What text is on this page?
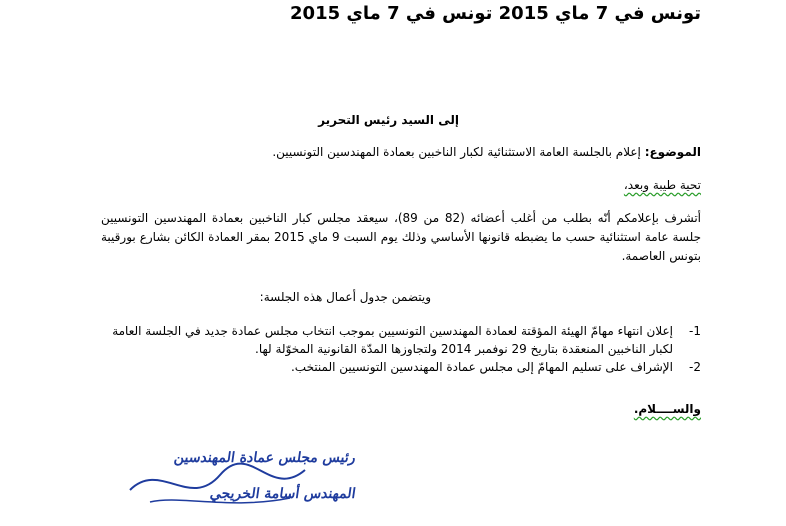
تونس في 7 ماي 2015 تونس في 7 ماي 2015
إلى السيد رئيس التحرير
الموضوع: إعلام بالجلسة العامة الاستثنائية لكبار الناخبين بعمادة المهندسين التونسيين.
تحية طيبة وبعد،
أتشرف بإعلامكم أنّه بطلب من أغلب أعضائه (82 من 89)، سيعقد مجلس كبار الناخبين بعمادة المهندسين التونسيين جلسة عامة استثنائية حسب ما يضبطه قانونها الأساسي وذلك يوم السبت 9 ماي 2015 بمقر العمادة الكائن بشارع بورقيبة بتونس العاصمة.
ويتضمن جدول أعمال هذه الجلسة:
-1
إعلان انتهاء مهامّ الهيئة المؤقتة لعمادة المهندسين التونسيين بموجب انتخاب مجلس عمادة جديد في الجلسة العامة لكبار الناخبين المنعقدة بتاريخ 29 نوفمبر 2014 ولتجاوزها المدّة القانونية المخوّلة لها.
-2
الإشراف على تسليم المهامّ إلى مجلس عمادة المهندسين التونسيين المنتخب.
والســــلام.
رئيس مجلس عمادة المهندسين
المهندس أسامة الخريجي
